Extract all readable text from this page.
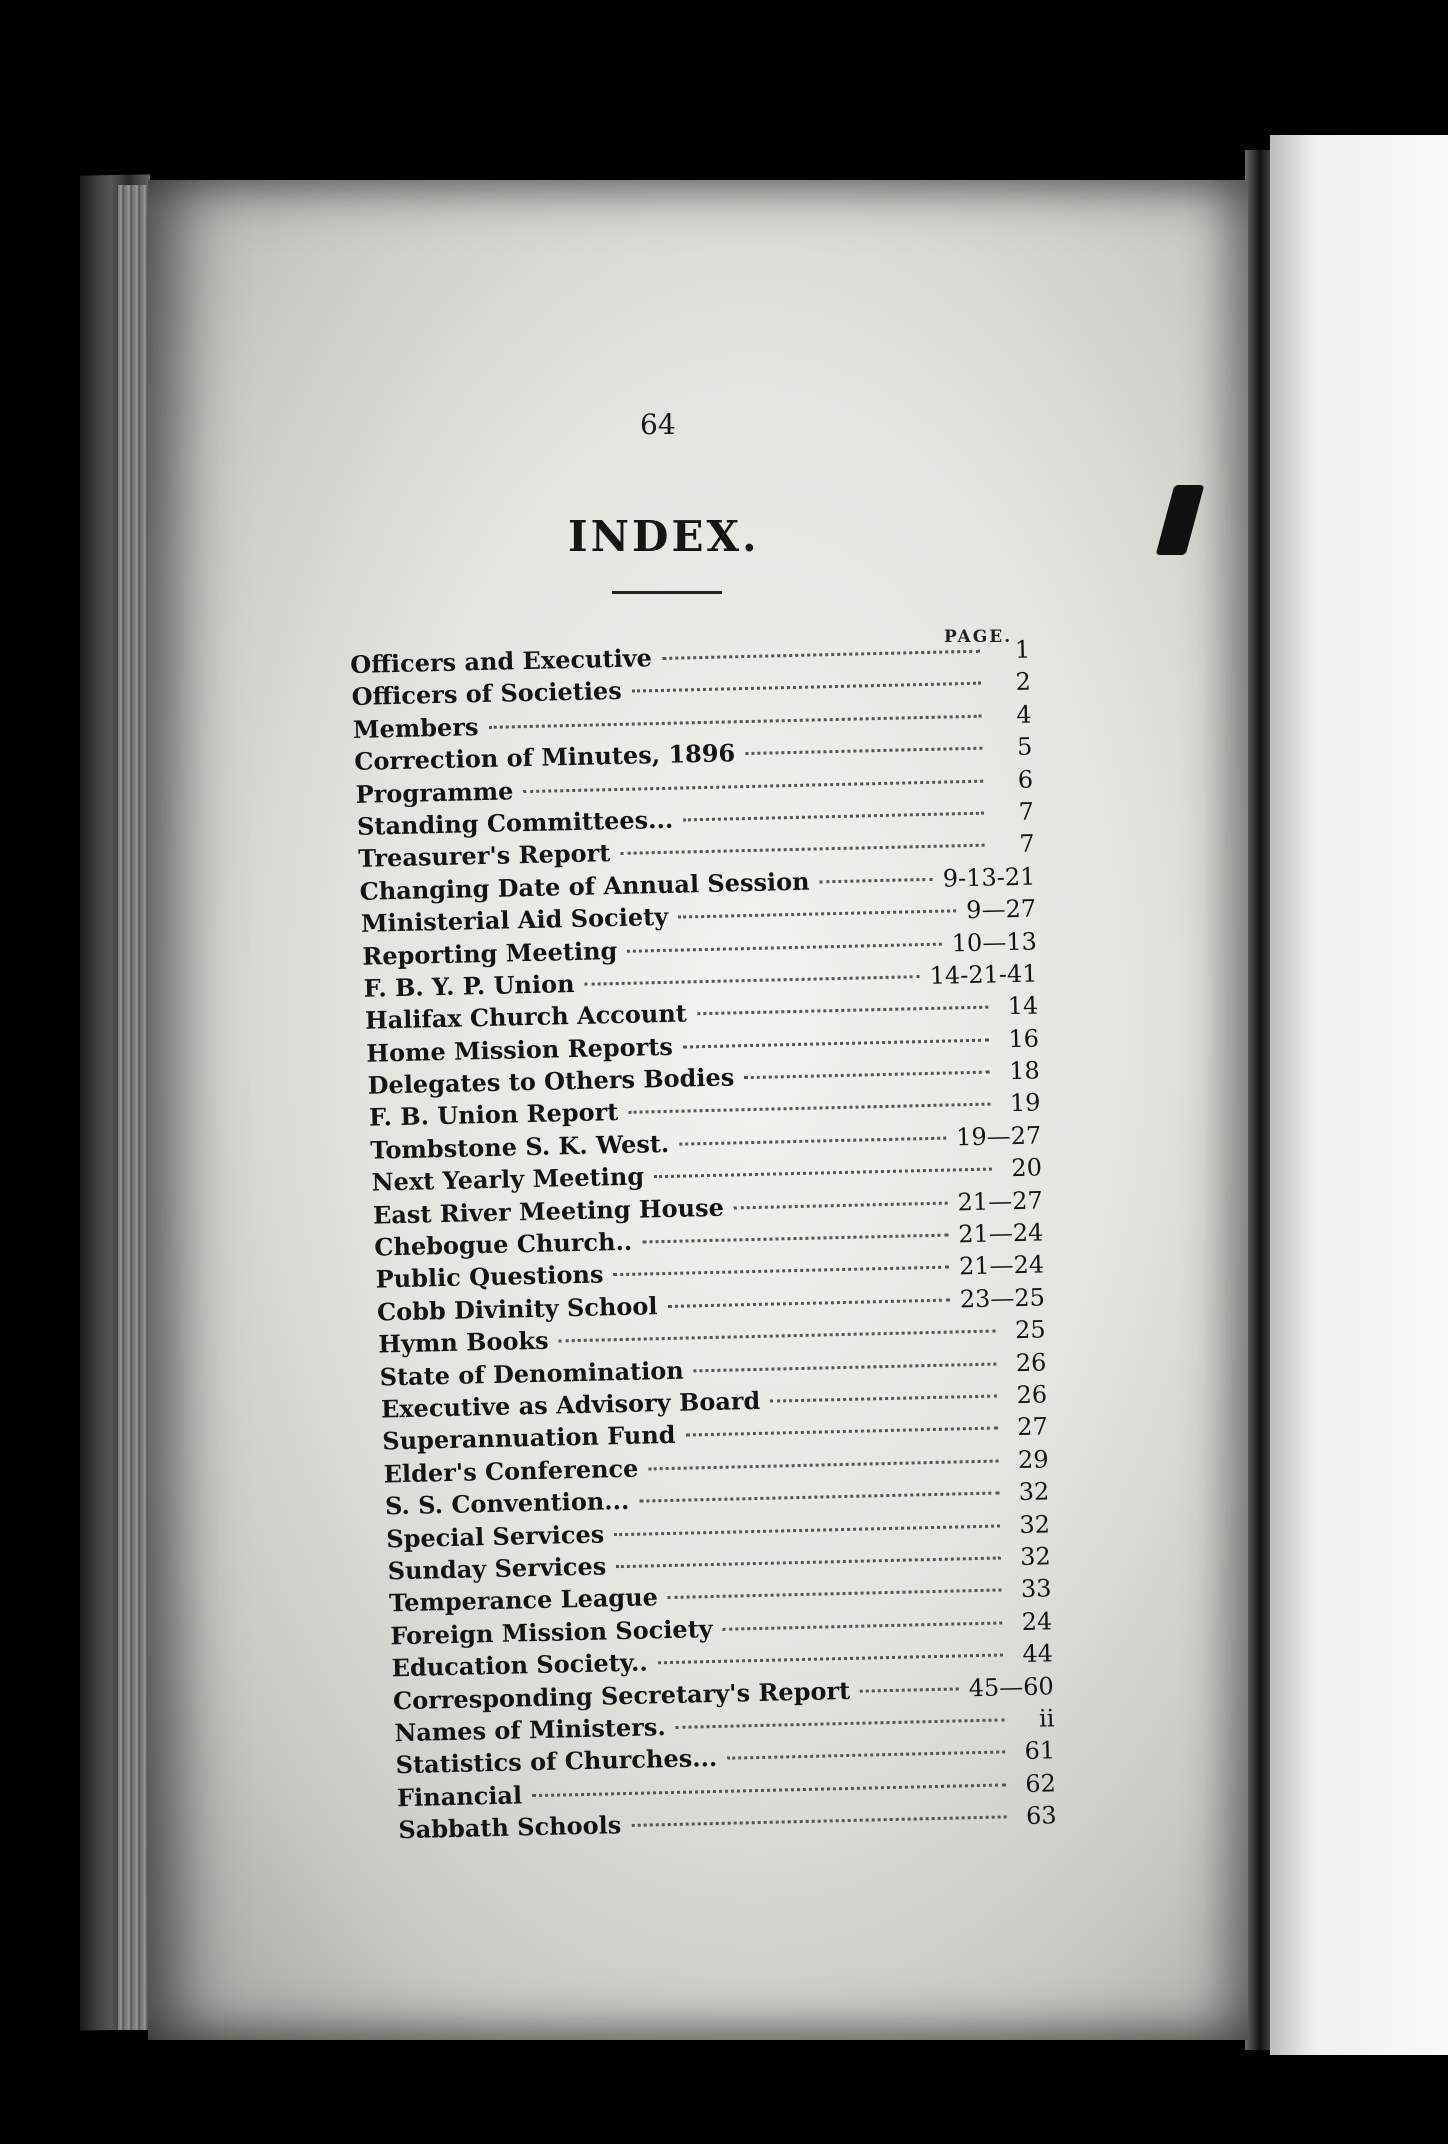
64
INDEX.
PAGE.
Officers and Executive	1
Officers of Societies	2
Members	4
Correction of Minutes, 1896	5
Programme	6
Standing Committees...	7
Treasurer's Report	7
Changing Date of Annual Session	9-13-21
Ministerial Aid Society	9—27
Reporting Meeting	10—13
F. B. Y. P. Union	14-21-41
Halifax Church Account	14
Home Mission Reports	16
Delegates to Others Bodies	18
F. B. Union Report	19
Tombstone S. K. West.	19—27
Next Yearly Meeting	20
East River Meeting House	21—27
Chebogue Church..	21—24
Public Questions	21—24
Cobb Divinity School	23—25
Hymn Books	25
State of Denomination	26
Executive as Advisory Board	26
Superannuation Fund	27
Elder's Conference	29
S. S. Convention...	32
Special Services	32
Sunday Services	32
Temperance League	33
Foreign Mission Society	24
Education Society..	44
Corresponding Secretary's Report	45—60
Names of Ministers.	ii
Statistics of Churches...	61
Financial	62
Sabbath Schools	63
